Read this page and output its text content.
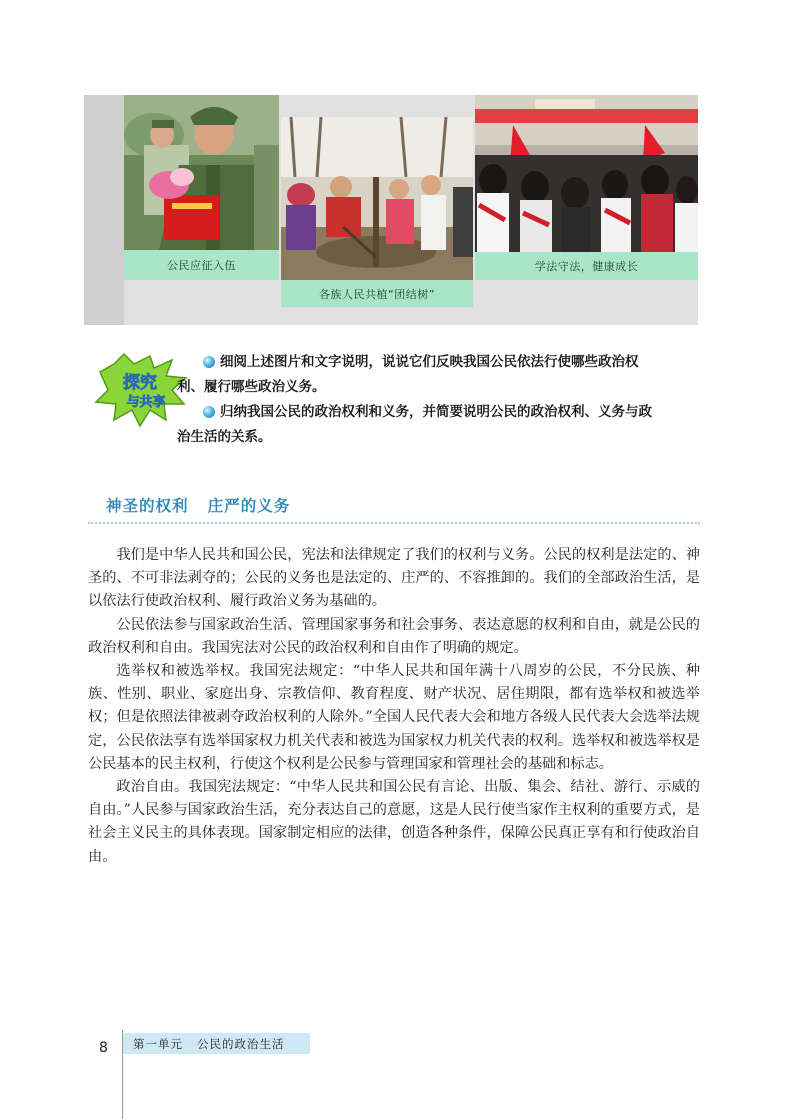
公民应征入伍
各族人民共植“团结树”
学法守法，健康成长
探究
与共享

细阅上述图片和文字说明，说说它们反映我国公民依法行使哪些政治权
利、履行哪些政治义务。

归纳我国公民的政治权利和义务，并简要说明公民的政治权利、义务与政
治生活的关系。

神圣的权利   庄严的义务

我们是中华人民共和国公民，宪法和法律规定了我们的权利与义务。公民的权利是法定的、神圣的、不可非法剥夺的；公民的义务也是法定的、庄严的、不容推卸的。我们的全部政治生活，是以依法行使政治权利、履行政治义务为基础的。

公民依法参与国家政治生活、管理国家事务和社会事务、表达意愿的权利和自由，就是公民的政治权利和自由。我国宪法对公民的政治权利和自由作了明确的规定。

选举权和被选举权。我国宪法规定：“中华人民共和国年满十八周岁的公民，不分民族、种族、性别、职业、家庭出身、宗教信仰、教育程度、财产状况、居住期限，都有选举权和被选举权；但是依照法律被剥夺政治权利的人除外。”全国人民代表大会和地方各级人民代表大会选举法规定，公民依法享有选举国家权力机关代表和被选为国家权力机关代表的权利。选举权和被选举权是公民基本的民主权利，行使这个权利是公民参与管理国家和管理社会的基础和标志。

政治自由。我国宪法规定：“中华人民共和国公民有言论、出版、集会、结社、游行、示威的自由。”人民参与国家政治生活，充分表达自己的意愿，这是人民行使当家作主权利的重要方式，是社会主义民主的具体表现。国家制定相应的法律，创造各种条件，保障公民真正享有和行使政治自由。

8	第一单元   公民的政治生活
